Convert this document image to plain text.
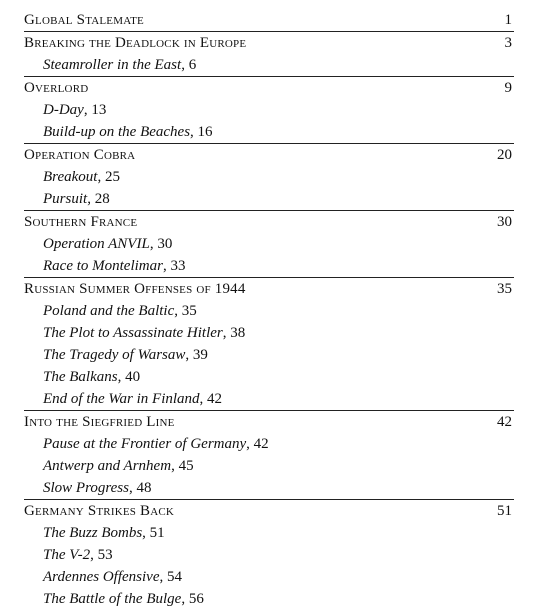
Global Stalemate	1
Breaking the Deadlock in Europe	3
Steamroller in the East, 6
Overlord	9
D-Day, 13
Build-up on the Beaches, 16
Operation Cobra	20
Breakout, 25
Pursuit, 28
Southern France	30
Operation ANVIL, 30
Race to Montelimar, 33
Russian Summer Offenses of 1944	35
Poland and the Baltic, 35
The Plot to Assassinate Hitler, 38
The Tragedy of Warsaw, 39
The Balkans, 40
End of the War in Finland, 42
Into the Siegfried Line	42
Pause at the Frontier of Germany, 42
Antwerp and Arnhem, 45
Slow Progress, 48
Germany Strikes Back	51
The Buzz Bombs, 51
The V-2, 53
Ardennes Offensive, 54
The Battle of the Bulge, 56
